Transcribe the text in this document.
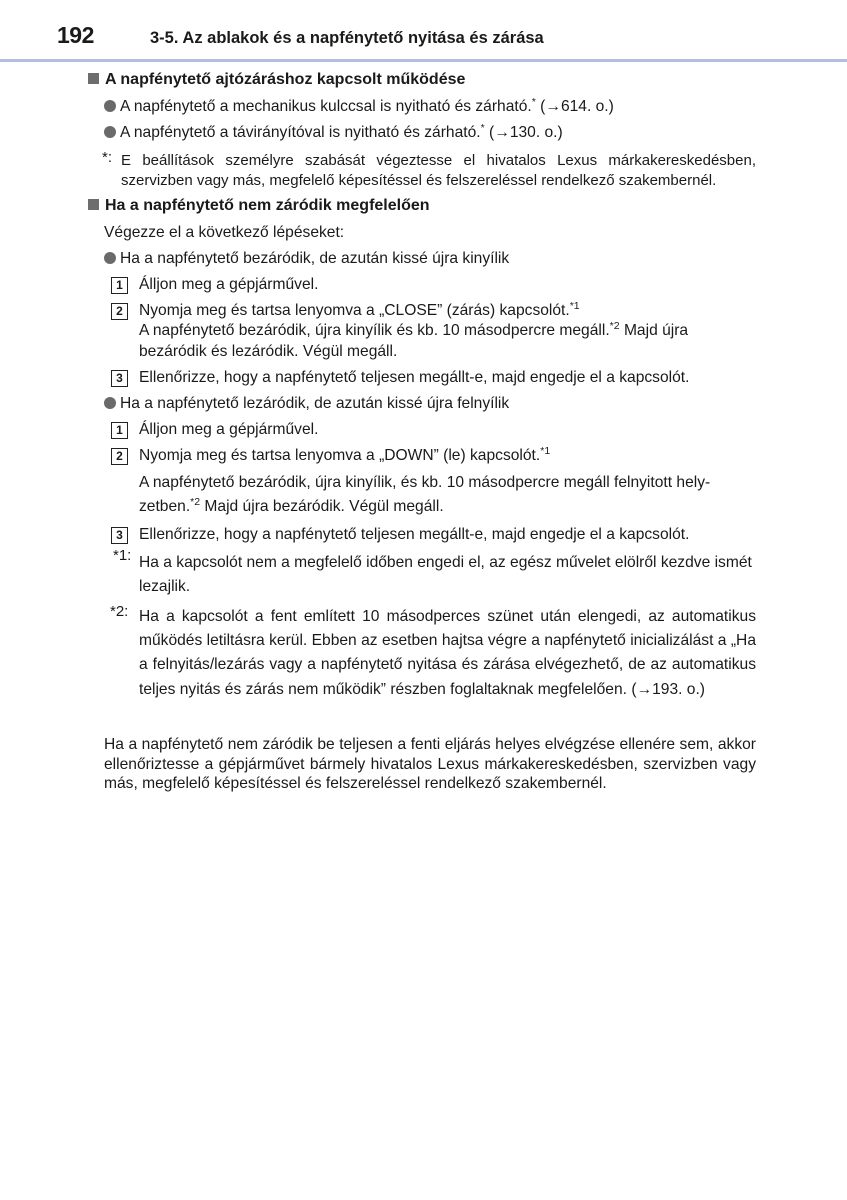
192	3-5. Az ablakok és a napfénytető nyitása és zárása
A napfénytető ajtózáráshoz kapcsolt működése
A napfénytető a mechanikus kulccsal is nyitható és zárható.* (→614. o.)
A napfénytető a távirányítóval is nyitható és zárható.* (→130. o.)
*: E beállítások személyre szabását végeztesse el hivatalos Lexus márkakereskedésben, szervizben vagy más, megfelelő képesítéssel és felszereléssel rendelkező szakembernél.
Ha a napfénytető nem záródik megfelelően
Végezze el a következő lépéseket:
Ha a napfénytető bezáródik, de azután kissé újra kinyílik
1	Álljon meg a gépjárművel.
2	Nyomja meg és tartsa lenyomva a „CLOSE” (zárás) kapcsolót.$^{*1}$
A napfénytető bezáródik, újra kinyílik és kb. 10 másodpercre megáll.$^{*2}$ Majd újra
bezáródik és lezáródik. Végül megáll.
3	Ellenőrizze, hogy a napfénytető teljesen megállt-e, majd engedje el a kapcsolót.
Ha a napfénytető lezáródik, de azután kissé újra felnyílik
1	Álljon meg a gépjárművel.
2	Nyomja meg és tartsa lenyomva a „DOWN” (le) kapcsolót.$^{*1}$
A napfénytető bezáródik, újra kinyílik, és kb. 10 másodpercre megáll felnyitott hely-
zetben.$^{*2}$ Majd újra bezáródik. Végül megáll.
3	Ellenőrizze, hogy a napfénytető teljesen megállt-e, majd engedje el a kapcsolót.
*1: Ha a kapcsolót nem a megfelelő időben engedi el, az egész művelet elölről kezdve ismét lezajlik.
*2: Ha a kapcsolót a fent említett 10 másodperces szünet után elengedi, az automatikus működés letiltásra kerül. Ebben az esetben hajtsa végre a napfénytető inicializálást a „Ha a felnyitás/lezárás vagy a napfénytető nyitása és zárása elvégezhető, de az automatikus teljes nyitás és zárás nem működik” részben foglaltaknak megfelelően. (→193. o.)
Ha a napfénytető nem záródik be teljesen a fenti eljárás helyes elvégzése ellenére sem, akkor ellenőriztesse a gépjárművet bármely hivatalos Lexus márkakereskedésben, szervizben vagy más, megfelelő képesítéssel és felszereléssel rendelkező szakembernél.
